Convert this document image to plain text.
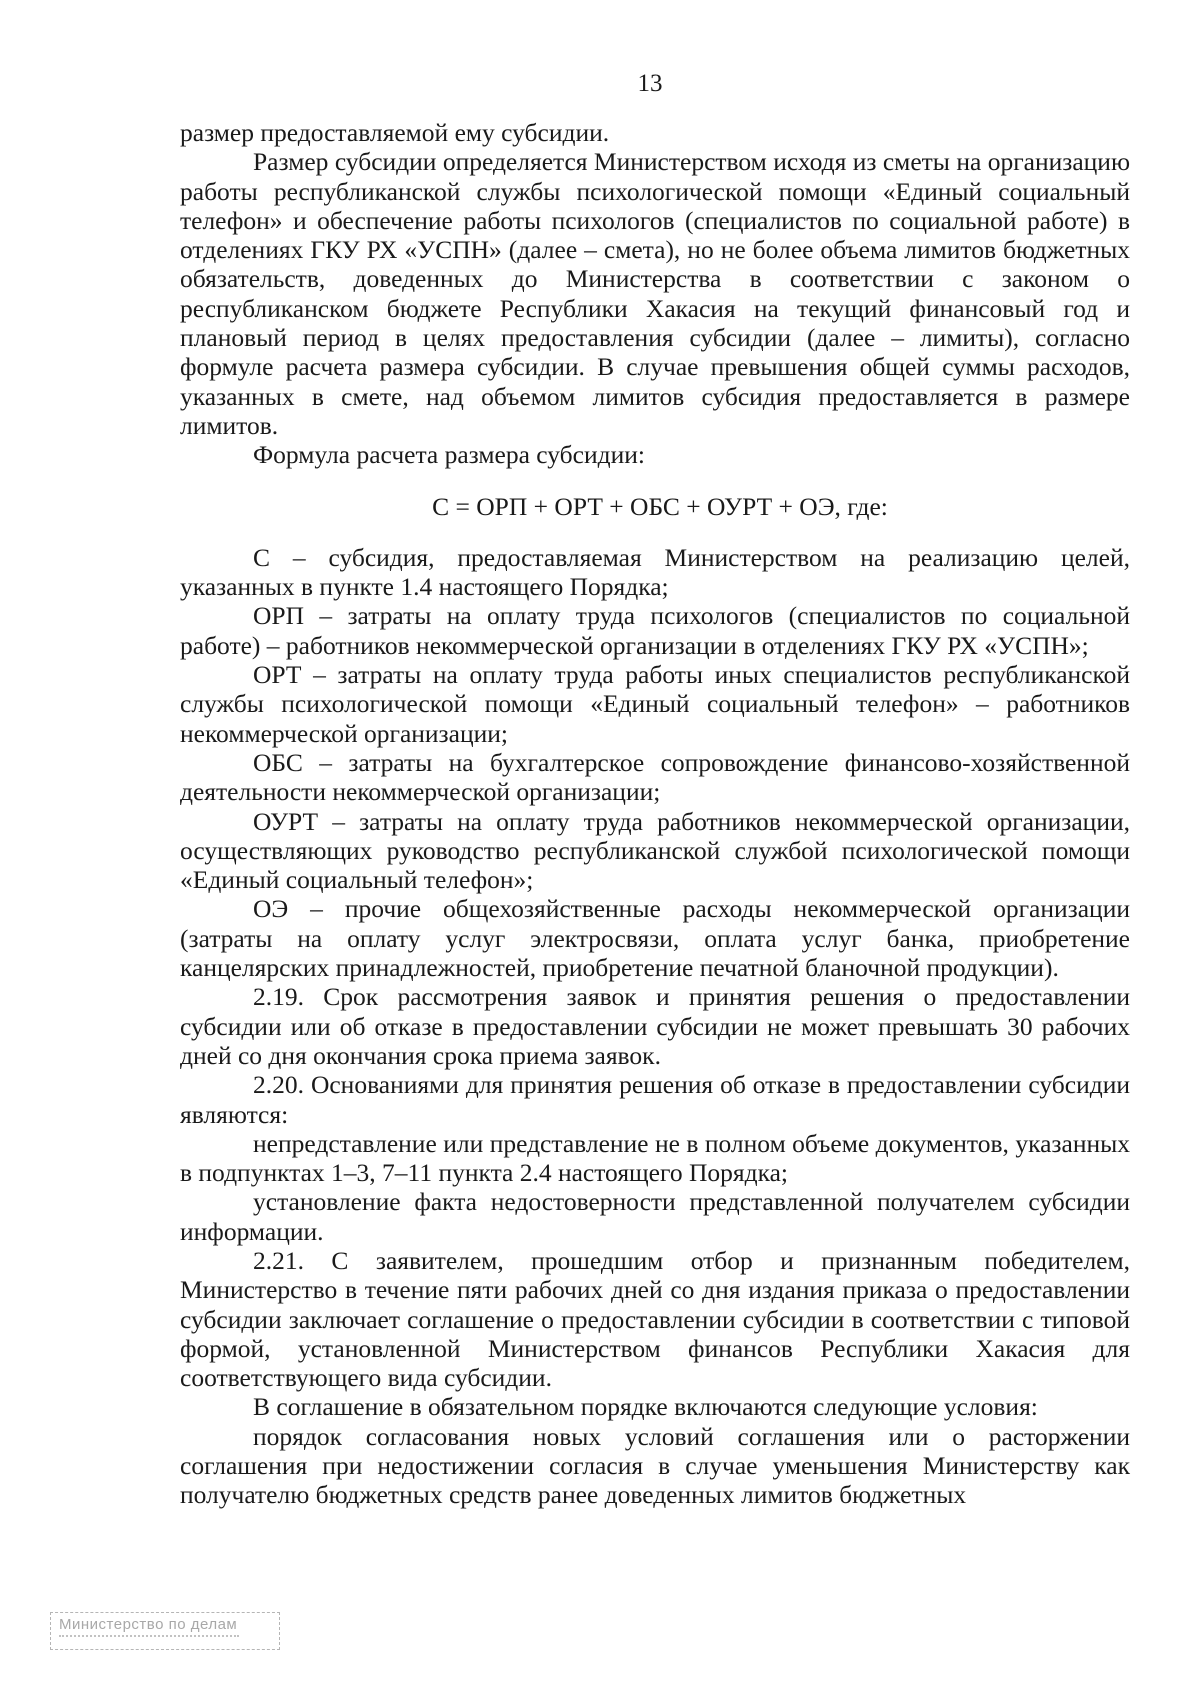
13

размер предоставляемой ему субсидии.

Размер субсидии определяется Министерством исходя из сметы на организацию работы республиканской службы психологической помощи «Единый социальный телефон» и обеспечение работы психологов (специалистов по социальной работе) в отделениях ГКУ РХ «УСПН» (далее – смета), но не более объема лимитов бюджетных обязательств, доведенных до Министерства в соответствии с законом о республиканском бюджете Республики Хакасия на текущий финансовый год и плановый период в целях предоставления субсидии (далее – лимиты), согласно формуле расчета размера субсидии. В случае превышения общей суммы расходов, указанных в смете, над объемом лимитов субсидия предоставляется в размере лимитов.

Формула расчета размера субсидии:

С = ОРП + ОРТ + ОБС + ОУРТ + ОЭ, где:

С – субсидия, предоставляемая Министерством на реализацию целей, указанных в пункте 1.4 настоящего Порядка;

ОРП – затраты на оплату труда психологов (специалистов по социальной работе) – работников некоммерческой организации в отделениях ГКУ РХ «УСПН»;

ОРТ – затраты на оплату труда работы иных специалистов республиканской службы психологической помощи «Единый социальный телефон» – работников некоммерческой организации;

ОБС – затраты на бухгалтерское сопровождение финансово-хозяйственной деятельности некоммерческой организации;

ОУРТ – затраты на оплату труда работников некоммерческой организации, осуществляющих руководство республиканской службой психологической помощи «Единый социальный телефон»;

ОЭ – прочие общехозяйственные расходы некоммерческой организации (затраты на оплату услуг электросвязи, оплата услуг банка, приобретение канцелярских принадлежностей, приобретение печатной бланочной продукции).

2.19. Срок рассмотрения заявок и принятия решения о предоставлении субсидии или об отказе в предоставлении субсидии не может превышать 30 рабочих дней со дня окончания срока приема заявок.

2.20. Основаниями для принятия решения об отказе в предоставлении субсидии являются:

непредставление или представление не в полном объеме документов, указанных в подпунктах 1–3, 7–11 пункта 2.4 настоящего Порядка;

установление факта недостоверности представленной получателем субсидии информации.

2.21. С заявителем, прошедшим отбор и признанным победителем, Министерство в течение пяти рабочих дней со дня издания приказа о предоставлении субсидии заключает соглашение о предоставлении субсидии в соответствии с типовой формой, установленной Министерством финансов Республики Хакасия для соответствующего вида субсидии.

В соглашение в обязательном порядке включаются следующие условия:

порядок согласования новых условий соглашения или о расторжении соглашения при недостижении согласия в случае уменьшения Министерству как получателю бюджетных средств ранее доведенных лимитов бюджетных

Министерство по делам
